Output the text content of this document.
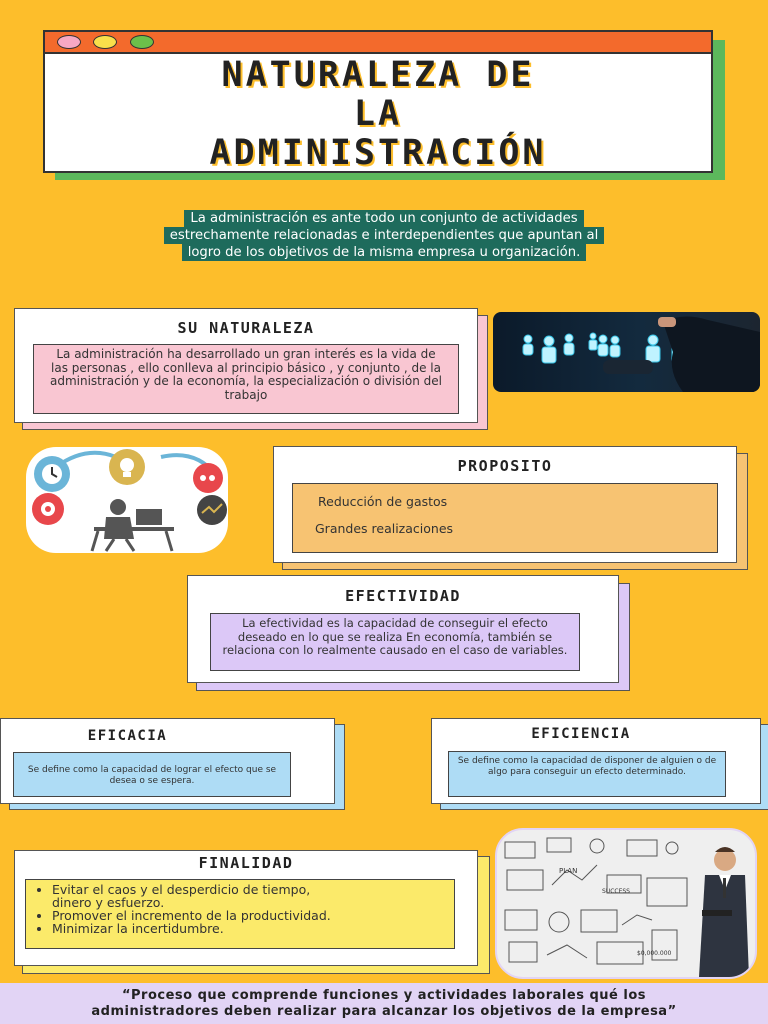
NATURALEZA DE
LA
ADMINISTRACIÓN
La administración es ante todo un conjunto de actividades
estrechamente relacionadas e interdependientes que apuntan al
logro de los objetivos de la misma empresa u organización.
SU NATURALEZA
La administración ha desarrollado un gran interés es la vida de las personas , ello conlleva al principio básico , y conjunto , de la administración y de la economía, la especialización o división del trabajo
PROPOSITO
Reducción de gastos
Grandes realizaciones
EFECTIVIDAD
La efectividad es la capacidad de conseguir el efecto deseado en lo que se realiza En economía, también se relaciona con lo realmente causado en el caso de variables.
EFICACIA
Se define como la capacidad de lograr el efecto que se desea o se espera.
EFICIENCIA
Se define como la capacidad de disponer de alguien o de algo para conseguir un efecto determinado.
FINALIDAD
• Evitar el caos y el desperdicio de tiempo, dinero y esfuerzo.
• Promover el incremento de la productividad.
• Minimizar la incertidumbre.
PLAN
SUCCESS
$0,000.000
“Proceso que comprende funciones y actividades laborales qué los
administradores deben realizar para alcanzar los objetivos de la empresa”
